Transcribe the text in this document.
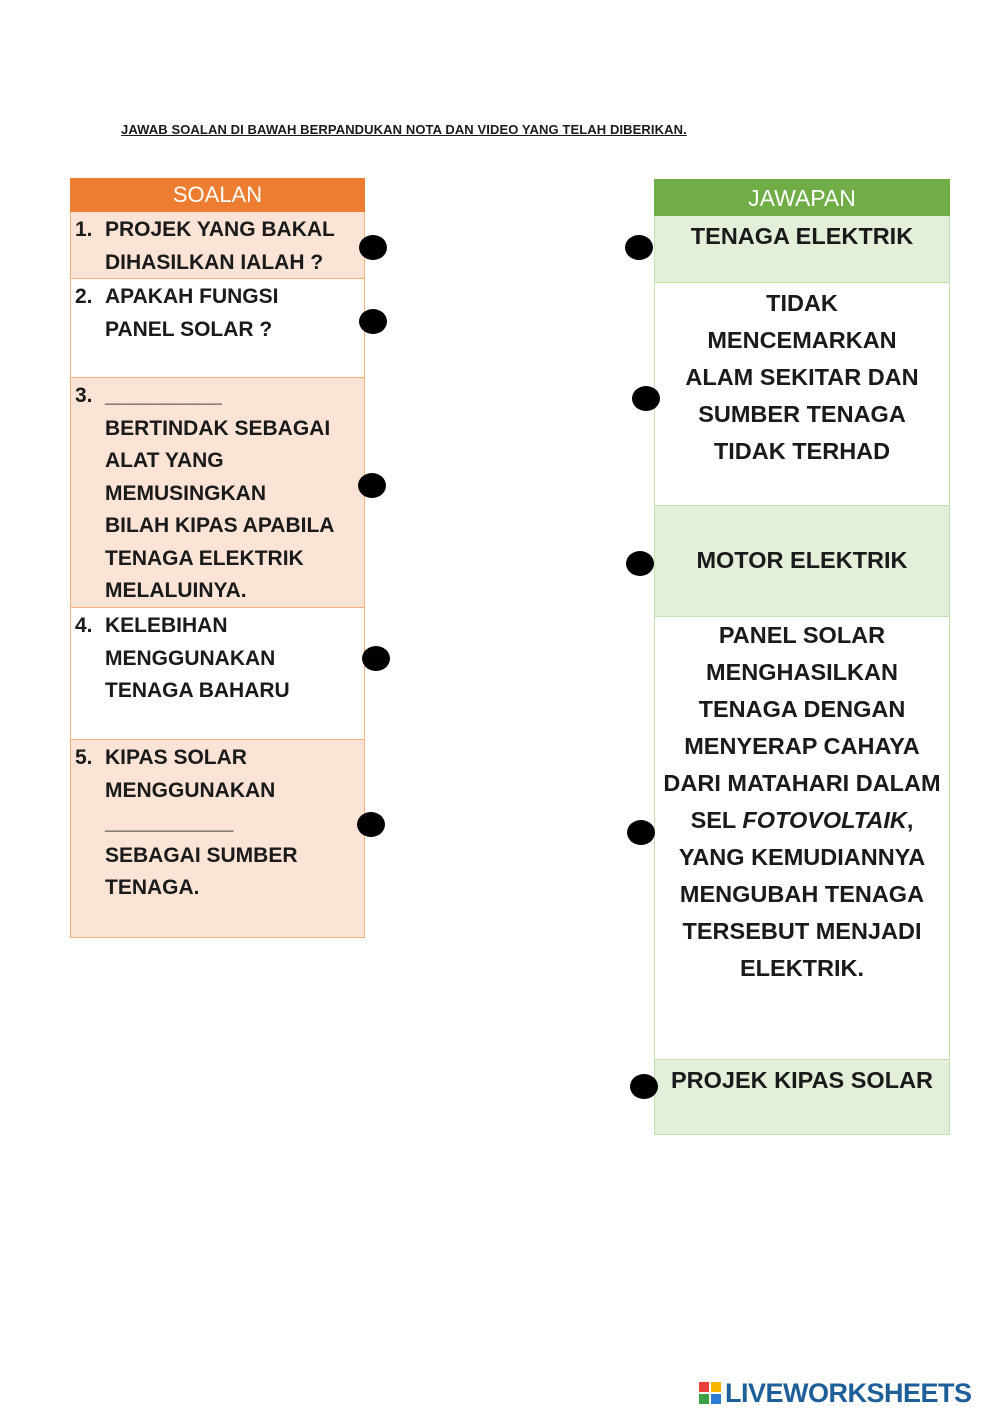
JAWAB SOALAN DI BAWAH BERPANDUKAN NOTA DAN VIDEO YANG TELAH DIBERIKAN.
SOALAN
1. PROJEK YANG BAKAL
DIHASILKAN IALAH ?
2. APAKAH FUNGSI
PANEL SOLAR ?
3. __________
BERTINDAK SEBAGAI
ALAT YANG
MEMUSINGKAN
BILAH KIPAS APABILA
TENAGA ELEKTRIK
MELALUINYA.
4. KELEBIHAN
MENGGUNAKAN
TENAGA BAHARU
5. KIPAS SOLAR
MENGGUNAKAN
___________
SEBAGAI SUMBER
TENAGA.
JAWAPAN
TENAGA ELEKTRIK
TIDAK MENCEMARKAN ALAM SEKITAR DAN SUMBER TENAGA TIDAK TERHAD
MOTOR ELEKTRIK
PANEL SOLAR MENGHASILKAN TENAGA DENGAN MENYERAP CAHAYA DARI MATAHARI DALAM SEL FOTOVOLTAIK, YANG KEMUDIANNYA MENGUBAH TENAGA TERSEBUT MENJADI ELEKTRIK.
PROJEK KIPAS SOLAR
LIVEWORKSHEETS
